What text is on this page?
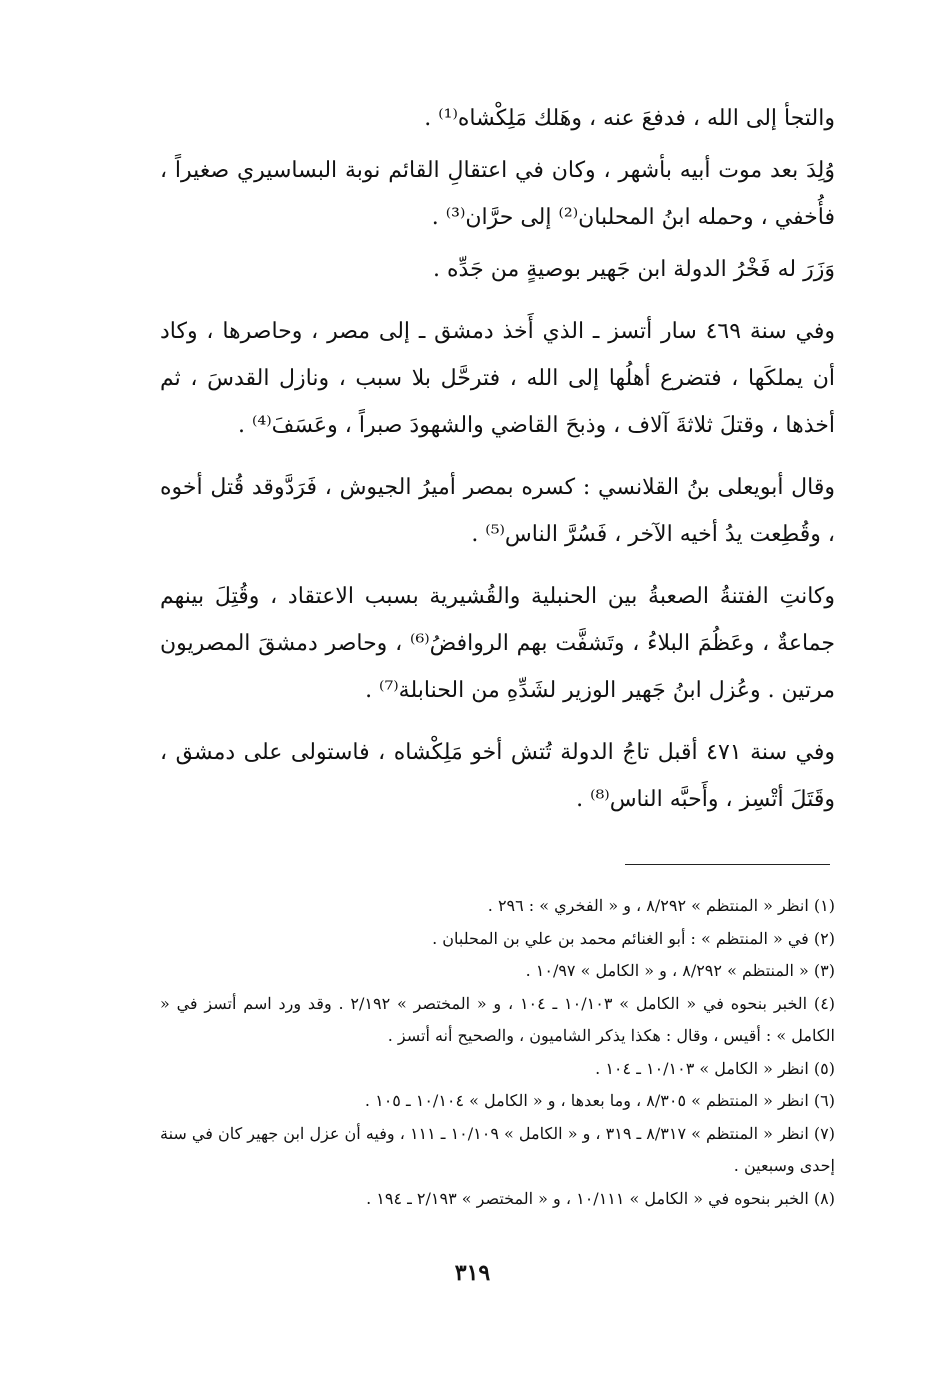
والتجأ إلى الله ، فدفعَ عنه ، وهَلك مَلِكْشاه⁽¹⁾ .

وُلِدَ بعد موت أبيه بأشهر ، وكان في اعتقالِ القائم نوبة البساسيري صغيراً ، فأُخفي ، وحمله ابنُ المحلبان⁽²⁾ إلى حرَّان⁽³⁾ .

وَزَرَ له فَخْرُ الدولة ابن جَهير بوصيةٍ من جَدِّه .

وفي سنة ٤٦٩ سار أتسز ـ الذي أَخذ دمشق ـ إلى مصر ، وحاصرها ، وكاد أن يملكَها ، فتضرع أهلُها إلى الله ، فترحَّل بلا سبب ، ونازل القدسَ ، ثم أخذها ، وقتلَ ثلاثةَ آلاف ، وذبحَ القاضي والشهودَ صبراً ، وعَسَفَ⁽⁴⁾ .

وقال أبويعلى بنُ القلانسي : كسره بمصر أميرُ الجيوش ، فَرَدَّوقد قُتل أخوه ، وقُطِعت يدُ أخيه الآخر ، فَسُرَّ الناس⁽⁵⁾ .

وكانتِ الفتنةُ الصعبةُ بين الحنبلية والقُشيرية بسبب الاعتقاد ، وقُتِلَ بينهم جماعةٌ ، وعَظُمَ البلاءُ ، وتَشفَّت بهم الروافضُ⁽⁶⁾ ، وحاصر دمشقَ المصريون مرتين . وعُزل ابنُ جَهير الوزير لشَدِّهِ من الحنابلة⁽⁷⁾ .

وفي سنة ٤٧١ أقبل تاجُ الدولة تُتش أخو مَلِكْشاه ، فاستولى على دمشق ، وقَتَلَ أتْسِز ، وأَحبَّه الناس⁽⁸⁾ .

(١) انظر « المنتظم » ٨/٢٩٢ ، و « الفخري » : ٢٩٦ .

(٢) في « المنتظم » : أبو الغنائم محمد بن علي بن المحلبان .

(٣) « المنتظم » ٨/٢٩٢ ، و « الكامل » ١٠/٩٧ .

(٤) الخبر بنحوه في « الكامل » ١٠/١٠٣ ـ ١٠٤ ، و « المختصر » ٢/١٩٢ . وقد ورد اسم أتسز في « الكامل » : أقيس ، وقال : هكذا يذكر الشاميون ، والصحيح أنه أتسز .

(٥) انظر « الكامل » ١٠/١٠٣ ـ ١٠٤ .

(٦) انظر « المنتظم » ٨/٣٠٥ ، وما بعدها ، و « الكامل » ١٠/١٠٤ ـ ١٠٥ .

(٧) انظر « المنتظم » ٨/٣١٧ ـ ٣١٩ ، و « الكامل » ١٠/١٠٩ ـ ١١١ ، وفيه أن عزل ابن جهير كان في سنة إحدى وسبعين .

(٨) الخبر بنحوه في « الكامل » ١٠/١١١ ، و « المختصر » ٢/١٩٣ ـ ١٩٤ .

٣١٩
